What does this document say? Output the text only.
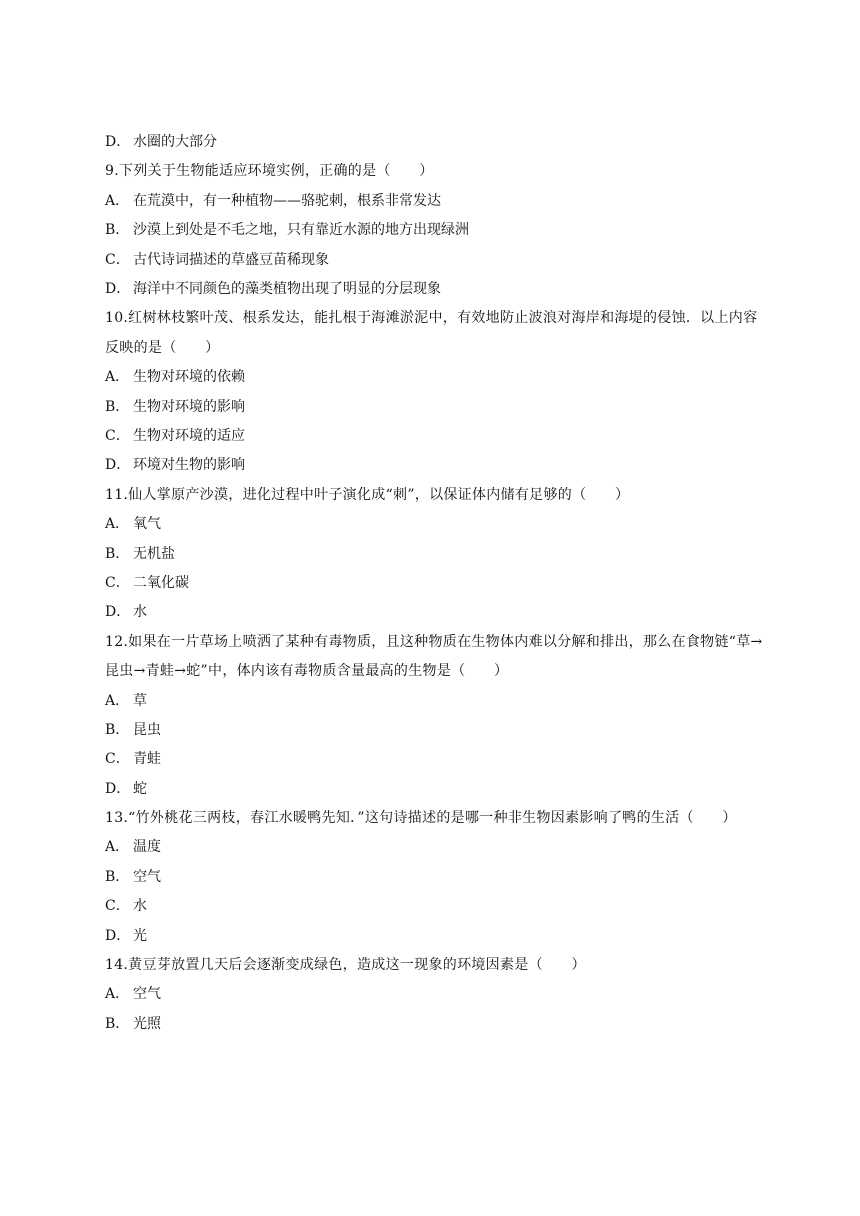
D． 水圈的大部分
9.下列关于生物能适应环境实例，正确的是（　　）
A． 在荒漠中，有一种植物——骆驼刺，根系非常发达
B． 沙漠上到处是不毛之地，只有靠近水源的地方出现绿洲
C． 古代诗词描述的草盛豆苗稀现象
D． 海洋中不同颜色的藻类植物出现了明显的分层现象
10.红树林枝繁叶茂、根系发达，能扎根于海滩淤泥中，有效地防止波浪对海岸和海堤的侵蚀．以上内容反映的是（　　）
A． 生物对环境的依赖
B． 生物对环境的影响
C． 生物对环境的适应
D． 环境对生物的影响
11.仙人掌原产沙漠，进化过程中叶子演化成“刺”，以保证体内储有足够的（　　）
A． 氧气
B． 无机盐
C． 二氧化碳
D． 水
12.如果在一片草场上喷洒了某种有毒物质，且这种物质在生物体内难以分解和排出，那么在食物链“草→昆虫→青蛙→蛇”中，体内该有毒物质含量最高的生物是（　　）
A． 草
B． 昆虫
C． 青蛙
D． 蛇
13.“竹外桃花三两枝，春江水暖鸭先知．”这句诗描述的是哪一种非生物因素影响了鸭的生活（　　）
A． 温度
B． 空气
C． 水
D． 光
14.黄豆芽放置几天后会逐渐变成绿色，造成这一现象的环境因素是（　　）
A． 空气
B． 光照
